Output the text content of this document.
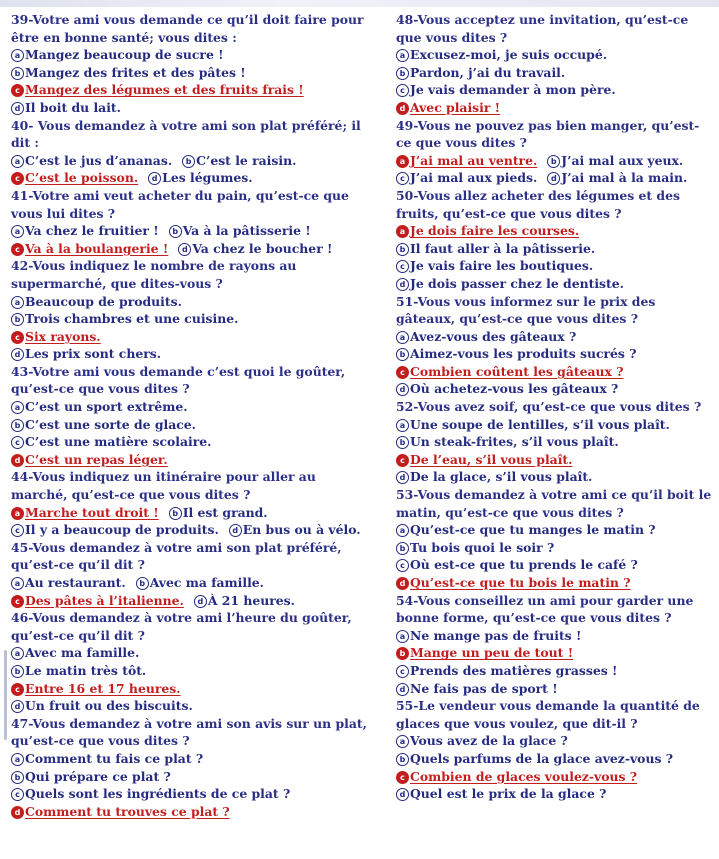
39-Votre ami vous demande ce qu’il doit faire pour
être en bonne santé; vous dites :
a Mangez beaucoup de sucre !
b Mangez des frites et des pâtes !
c Mangez des légumes et des fruits frais !
d Il boit du lait.
40- Vous demandez à votre ami son plat préféré; il
dit :
a C’est le jus d’ananas. b C’est le raisin.
c C’est le poisson. d Les légumes.
41-Votre ami veut acheter du pain, qu’est-ce que
vous lui dites ?
a Va chez le fruitier ! b Va à la pâtisserie !
c Va à la boulangerie ! d Va chez le boucher !
42-Vous indiquez le nombre de rayons au
supermarché, que dites-vous ?
a Beaucoup de produits.
b Trois chambres et une cuisine.
c Six rayons.
d Les prix sont chers.
43-Votre ami vous demande c’est quoi le goûter,
qu’est-ce que vous dites ?
a C’est un sport extrême.
b C’est une sorte de glace.
c C’est une matière scolaire.
d C’est un repas léger.
44-Vous indiquez un itinéraire pour aller au
marché, qu’est-ce que vous dites ?
a Marche tout droit ! b Il est grand.
c Il y a beaucoup de produits. d En bus ou à vélo.
45-Vous demandez à votre ami son plat préféré,
qu’est-ce qu’il dit ?
a Au restaurant. b Avec ma famille.
c Des pâtes à l’italienne. d À 21 heures.
46-Vous demandez à votre ami l’heure du goûter,
qu’est-ce qu’il dit ?
a Avec ma famille.
b Le matin très tôt.
c Entre 16 et 17 heures.
d Un fruit ou des biscuits.
47-Vous demandez à votre ami son avis sur un plat,
qu’est-ce que vous dites ?
a Comment tu fais ce plat ?
b Qui prépare ce plat ?
c Quels sont les ingrédients de ce plat ?
d Comment tu trouves ce plat ?
48-Vous acceptez une invitation, qu’est-ce
que vous dites ?
a Excusez-moi, je suis occupé.
b Pardon, j’ai du travail.
c Je vais demander à mon père.
d Avec plaisir !
49-Vous ne pouvez pas bien manger, qu’est-
ce que vous dites ?
a J’ai mal au ventre. b J’ai mal aux yeux.
c J’ai mal aux pieds. d J’ai mal à la main.
50-Vous allez acheter des légumes et des
fruits, qu’est-ce que vous dites ?
a Je dois faire les courses.
b Il faut aller à la pâtisserie.
c Je vais faire les boutiques.
d Je dois passer chez le dentiste.
51-Vous vous informez sur le prix des
gâteaux, qu’est-ce que vous dites ?
a Avez-vous des gâteaux ?
b Aimez-vous les produits sucrés ?
c Combien coûtent les gâteaux ?
d Où achetez-vous les gâteaux ?
52-Vous avez soif, qu’est-ce que vous dites ?
a Une soupe de lentilles, s’il vous plaît.
b Un steak-frites, s’il vous plaît.
c De l’eau, s’il vous plaît.
d De la glace, s’il vous plaît.
53-Vous demandez à votre ami ce qu’il boit le
matin, qu’est-ce que vous dites ?
a Qu’est-ce que tu manges le matin ?
b Tu bois quoi le soir ?
c Où est-ce que tu prends le café ?
d Qu’est-ce que tu bois le matin ?
54-Vous conseillez un ami pour garder une
bonne forme, qu’est-ce que vous dites ?
a Ne mange pas de fruits !
b Mange un peu de tout !
c Prends des matières grasses !
d Ne fais pas de sport !
55-Le vendeur vous demande la quantité de
glaces que vous voulez, que dit-il ?
a Vous avez de la glace ?
b Quels parfums de la glace avez-vous ?
c Combien de glaces voulez-vous ?
d Quel est le prix de la glace ?
